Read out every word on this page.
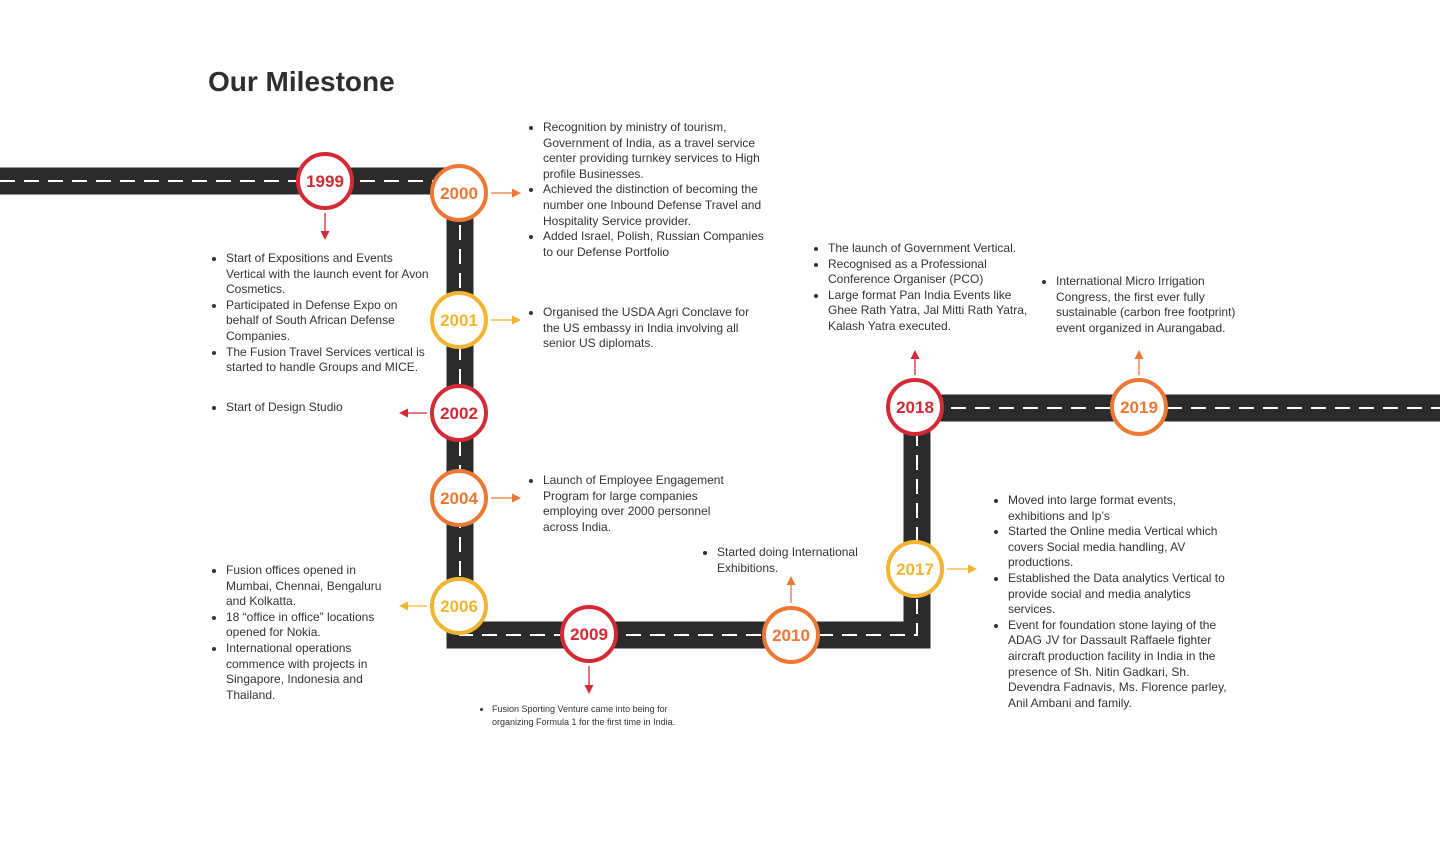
Our Milestone
1999
2000
2001
2002
2004
2006
2009	2010
2017
2018	2019
• Start of Expositions and Events Vertical with the launch event for Avon Cosmetics.
• Participated in Defense Expo on behalf of South African Defense Companies.
• The Fusion Travel Services vertical is started to handle Groups and MICE.
• Recognition by ministry of tourism, Government of India, as a travel service center providing turnkey services to High profile Businesses.
• Achieved the distinction of becoming the number one Inbound Defense Travel and Hospitality Service provider.
• Added Israel, Polish, Russian Companies to our Defense Portfolio
• Organised the USDA Agri Conclave for the US embassy in India involving all senior US diplomats.
• Start of Design Studio
• Launch of Employee Engagement Program for large companies employing over 2000 personnel across India.
• Fusion offices opened in Mumbai, Chennai, Bengaluru and Kolkatta.
• 18 “office in office” locations opened for Nokia.
• International operations commence with projects in Singapore, Indonesia and Thailand.
• Fusion Sporting Venture came into being for organizing Formula 1 for the first time in India.
• Started doing International Exhibitions.
• Moved into large format events, exhibitions and Ip’s
• Started the Online media Vertical which covers Social media handling, AV productions.
• Established the Data analytics Vertical to provide social and media analytics services.
• Event for foundation stone laying of the ADAG JV for Dassault Raffaele fighter aircraft production facility in India in the presence of Sh. Nitin Gadkari, Sh. Devendra Fadnavis, Ms. Florence parley, Anil Ambani and family.
• The launch of Government Vertical.
• Recognised as a Professional Conference Organiser (PCO)
• Large format Pan India Events like Ghee Rath Yatra, Jal Mitti Rath Yatra, Kalash Yatra executed.
• International Micro Irrigation Congress, the first ever fully sustainable (carbon free footprint) event organized in Aurangabad.
